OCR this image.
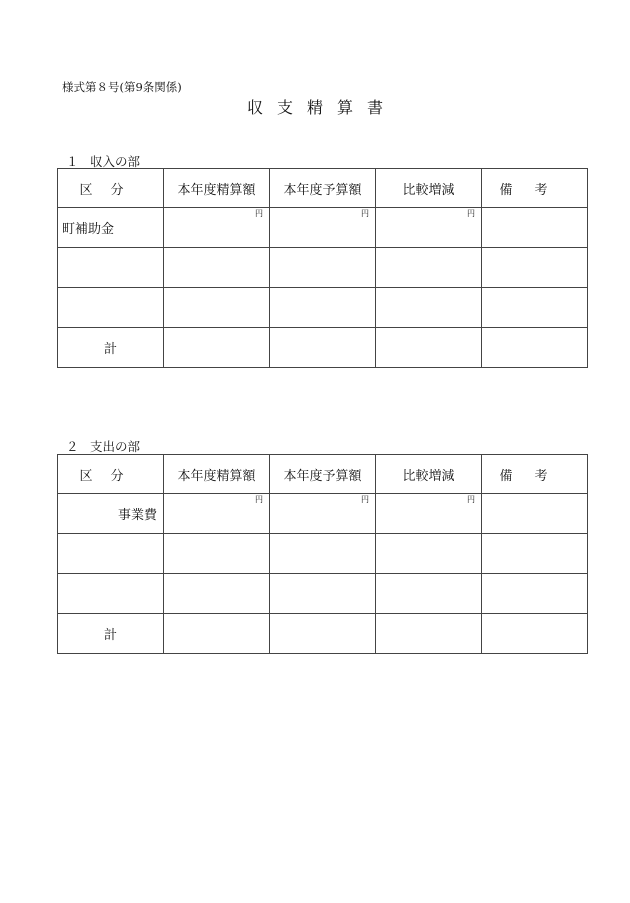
様式第８号(第9条関係)
収支精算書
１ 収入の部
区分	本年度精算額	本年度予算額	比較増減	備考
町補助金	円	円	円	

計				
２ 支出の部
区分	本年度精算額	本年度予算額	比較増減	備考
事業費	円	円	円	

計				
